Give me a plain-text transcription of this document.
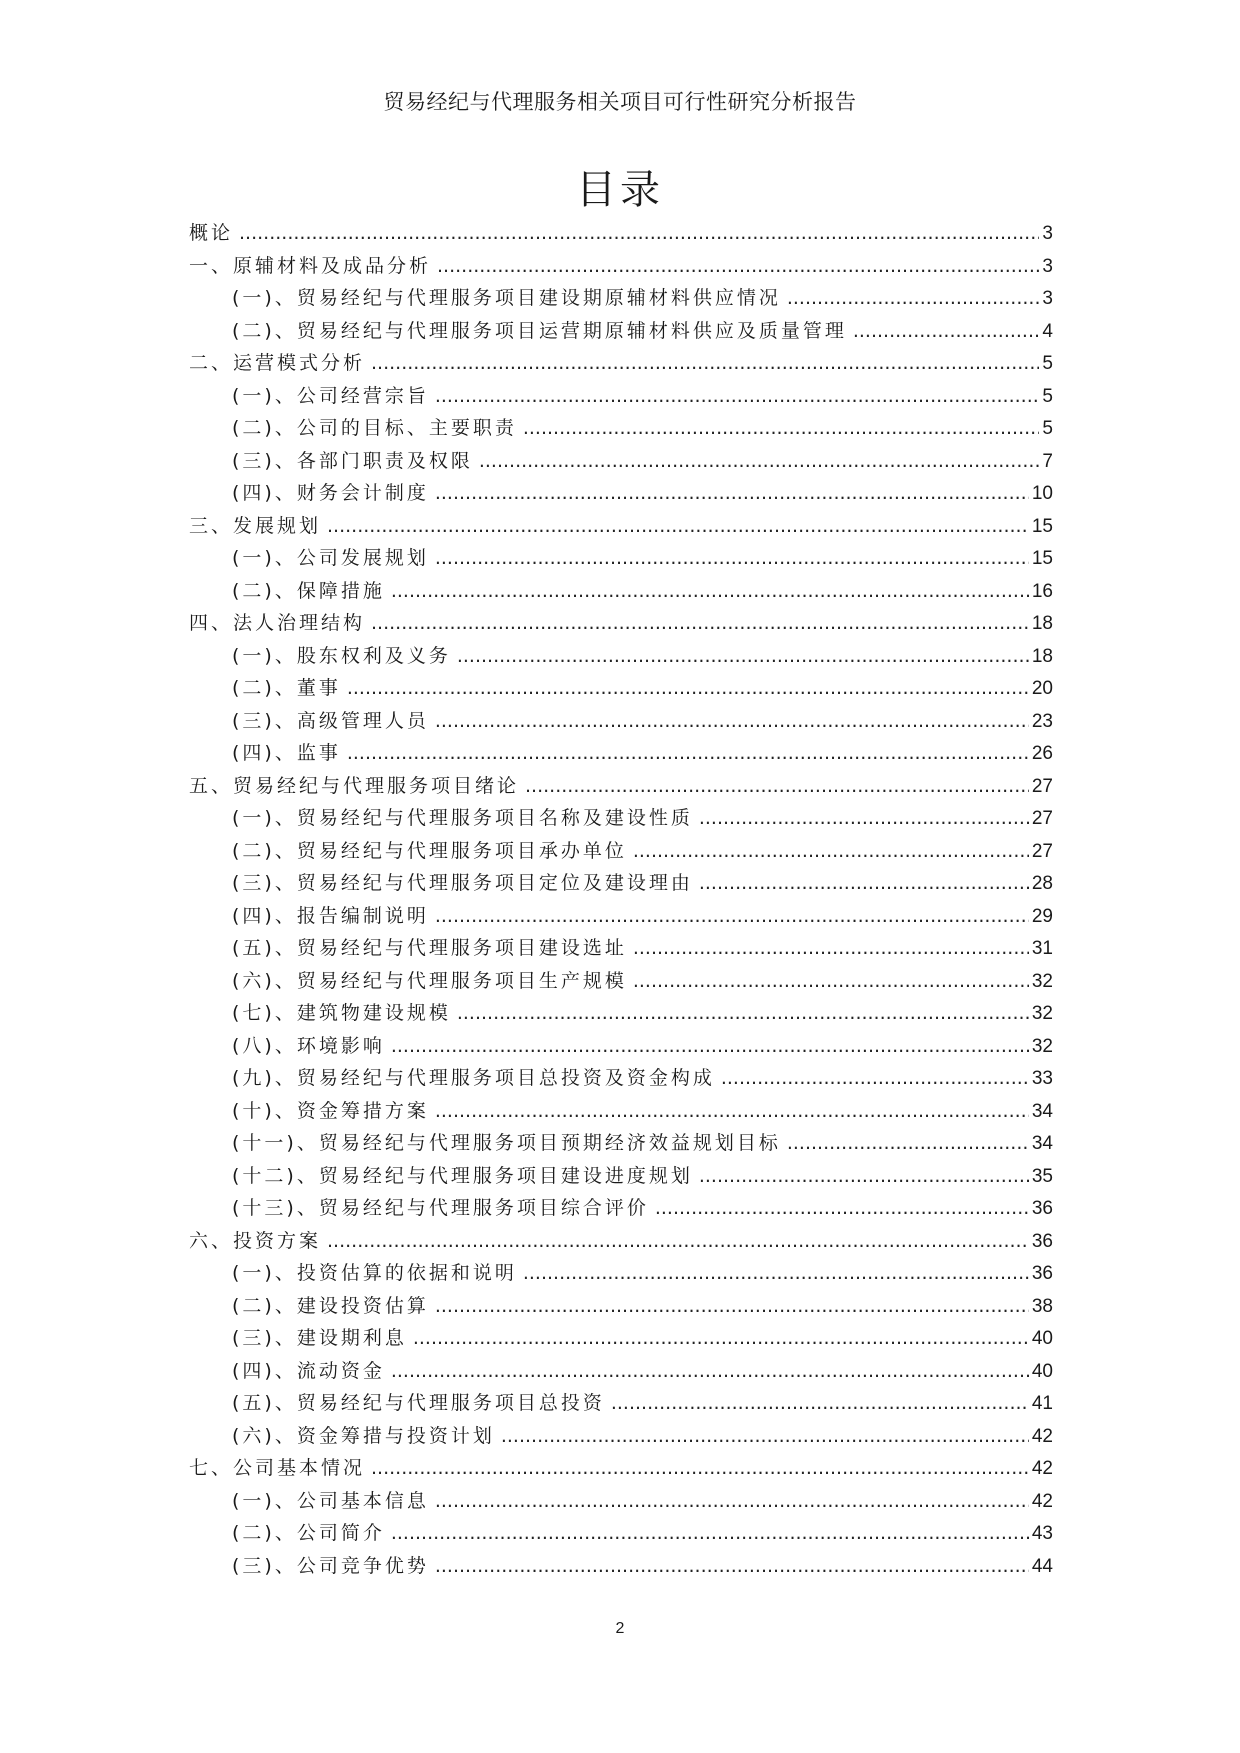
贸易经纪与代理服务相关项目可行性研究分析报告
目录
概论 .....	3
一、原辅材料及成品分析 .....	3
(一)、贸易经纪与代理服务项目建设期原辅材料供应情况 .....	3
(二)、贸易经纪与代理服务项目运营期原辅材料供应及质量管理 .....	4
二、运营模式分析 .....	5
(一)、公司经营宗旨 .....	5
(二)、公司的目标、主要职责 .....	5
(三)、各部门职责及权限 .....	7
(四)、财务会计制度 .....	10
三、发展规划 .....	15
(一)、公司发展规划 .....	15
(二)、保障措施 .....	16
四、法人治理结构 .....	18
(一)、股东权利及义务 .....	18
(二)、董事 .....	20
(三)、高级管理人员 .....	23
(四)、监事 .....	26
五、贸易经纪与代理服务项目绪论 .....	27
(一)、贸易经纪与代理服务项目名称及建设性质 .....	27
(二)、贸易经纪与代理服务项目承办单位 .....	27
(三)、贸易经纪与代理服务项目定位及建设理由 .....	28
(四)、报告编制说明 .....	29
(五)、贸易经纪与代理服务项目建设选址 .....	31
(六)、贸易经纪与代理服务项目生产规模 .....	32
(七)、建筑物建设规模 .....	32
(八)、环境影响 .....	32
(九)、贸易经纪与代理服务项目总投资及资金构成 .....	33
(十)、资金筹措方案 .....	34
(十一)、贸易经纪与代理服务项目预期经济效益规划目标 .....	34
(十二)、贸易经纪与代理服务项目建设进度规划 .....	35
(十三)、贸易经纪与代理服务项目综合评价 .....	36
六、投资方案 .....	36
(一)、投资估算的依据和说明 .....	36
(二)、建设投资估算 .....	38
(三)、建设期利息 .....	40
(四)、流动资金 .....	40
(五)、贸易经纪与代理服务项目总投资 .....	41
(六)、资金筹措与投资计划 .....	42
七、公司基本情况 .....	42
(一)、公司基本信息 .....	42
(二)、公司简介 .....	43
(三)、公司竞争优势 .....	44
2
